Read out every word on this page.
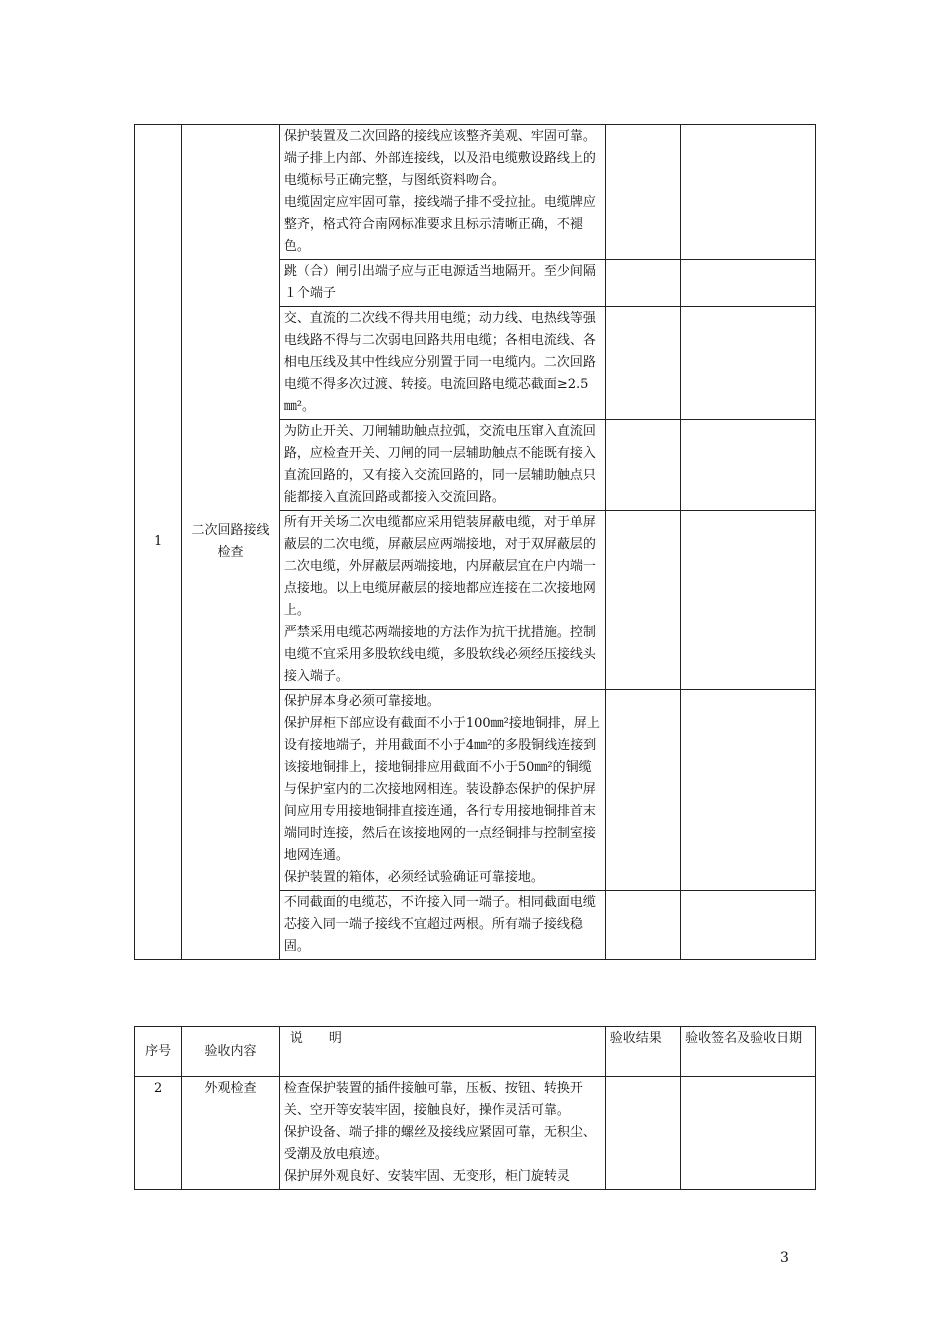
1	二次回路接线检查	保护装置及二次回路的接线应该整齐美观、牢固可靠。

端子排上内部、外部连接线，以及沿电缆敷设路线上的电缆标号正确完整，与图纸资料吻合。

电缆固定应牢固可靠，接线端子排不受拉扯。电缆牌应整齐，格式符合南网标准要求且标示清晰正确，不褪色。		

		跳（合）闸引出端子应与正电源适当地隔开。至少间隔１个端子		

		交、直流的二次线不得共用电缆；动力线、电热线等强电线路不得与二次弱电回路共用电缆；各相电流线、各相电压线及其中性线应分别置于同一电缆内。二次回路电缆不得多次过渡、转接。电流回路电缆芯截面≥2.5㎜²。		

		为防止开关、刀闸辅助触点拉弧，交流电压窜入直流回路，应检查开关、刀闸的同一层辅助触点不能既有接入直流回路的，又有接入交流回路的，同一层辅助触点只能都接入直流回路或都接入交流回路。		

		所有开关场二次电缆都应采用铠装屏蔽电缆，对于单屏蔽层的二次电缆，屏蔽层应两端接地，对于双屏蔽层的二次电缆，外屏蔽层两端接地，内屏蔽层宜在户内端一点接地。以上电缆屏蔽层的接地都应连接在二次接地网上。

严禁采用电缆芯两端接地的方法作为抗干扰措施。控制电缆不宜采用多股软线电缆，多股软线必须经压接线头接入端子。		

		保护屏本身必须可靠接地。

保护屏柜下部应设有截面不小于100㎜²接地铜排，屏上设有接地端子，并用截面不小于4㎜²的多股铜线连接到该接地铜排上，接地铜排应用截面不小于50㎜²的铜缆与保护室内的二次接地网相连。装设静态保护的保护屏间应用专用接地铜排直接连通，各行专用接地铜排首末端同时连接，然后在该接地网的一点经铜排与控制室接地网连通。

保护装置的箱体，必须经试验确证可靠接地。		

		不同截面的电缆芯，不许接入同一端子。相同截面电缆芯接入同一端子接线不宜超过两根。所有端子接线稳固。		

序号	验收内容	说　　明	验收结果	验收签名及验收日期
2	外观检查	检查保护装置的插件接触可靠，压板、按钮、转换开关、空开等安装牢固，接触良好，操作灵活可靠。

保护设备、端子排的螺丝及接线应紧固可靠，无积尘、受潮及放电痕迹。

保护屏外观良好、安装牢固、无变形，柜门旋转灵		

3
